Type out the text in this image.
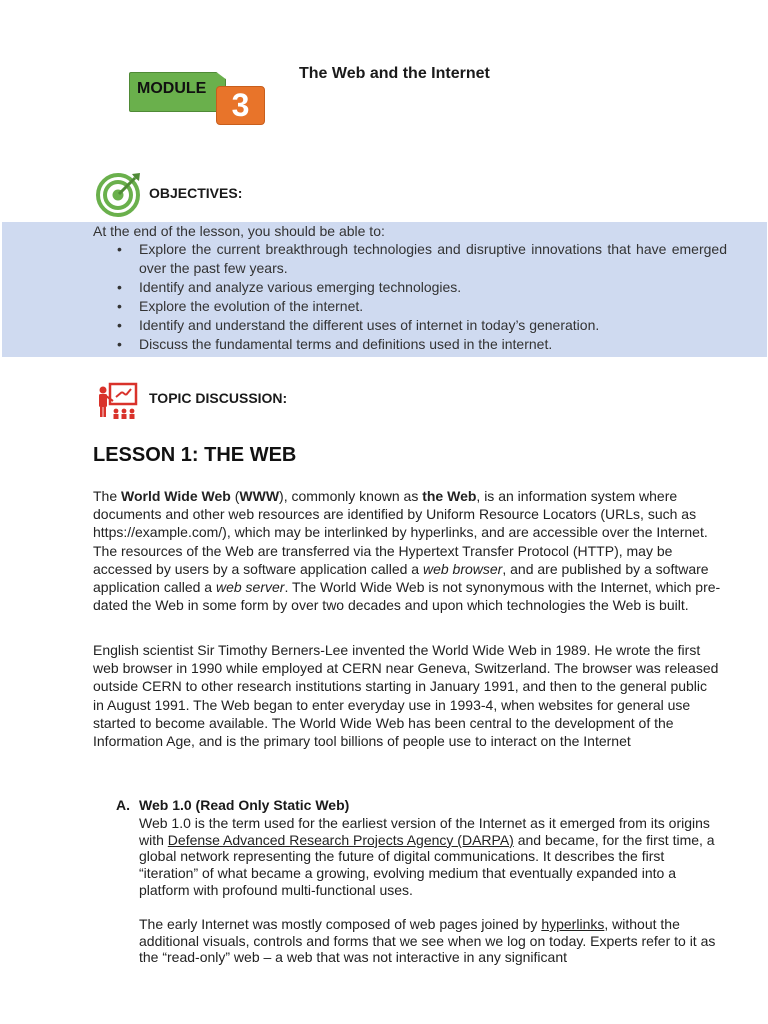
MODULE 3
The Web and the Internet
OBJECTIVES:
At the end of the lesson, you should be able to:
• Explore the current breakthrough technologies and disruptive innovations that have emerged over the past few years.
• Identify and analyze various emerging technologies.
• Explore the evolution of the internet.
• Identify and understand the different uses of internet in today’s generation.
• Discuss the fundamental terms and definitions used in the internet.
TOPIC DISCUSSION:
LESSON 1: THE WEB

The World Wide Web (WWW), commonly known as the Web, is an information system where documents and other web resources are identified by Uniform Resource Locators (URLs, such as https://example.com/), which may be interlinked by hyperlinks, and are accessible over the Internet. The resources of the Web are transferred via the Hypertext Transfer Protocol (HTTP), may be accessed by users by a software application called a web browser, and are published by a software application called a web server. The World Wide Web is not synonymous with the Internet, which pre-dated the Web in some form by over two decades and upon which technologies the Web is built.

English scientist Sir Timothy Berners-Lee invented the World Wide Web in 1989. He wrote the first web browser in 1990 while employed at CERN near Geneva, Switzerland. The browser was released outside CERN to other research institutions starting in January 1991, and then to the general public in August 1991. The Web began to enter everyday use in 1993-4, when websites for general use started to become available. The World Wide Web has been central to the development of the Information Age, and is the primary tool billions of people use to interact on the Internet

A. Web 1.0 (Read Only Static Web)

Web 1.0 is the term used for the earliest version of the Internet as it emerged from its origins with Defense Advanced Research Projects Agency (DARPA) and became, for the first time, a global network representing the future of digital communications. It describes the first “iteration” of what became a growing, evolving medium that eventually expanded into a platform with profound multi-functional uses.

The early Internet was mostly composed of web pages joined by hyperlinks, without the additional visuals, controls and forms that we see when we log on today. Experts refer to it as the “read-only” web – a web that was not interactive in any significant
